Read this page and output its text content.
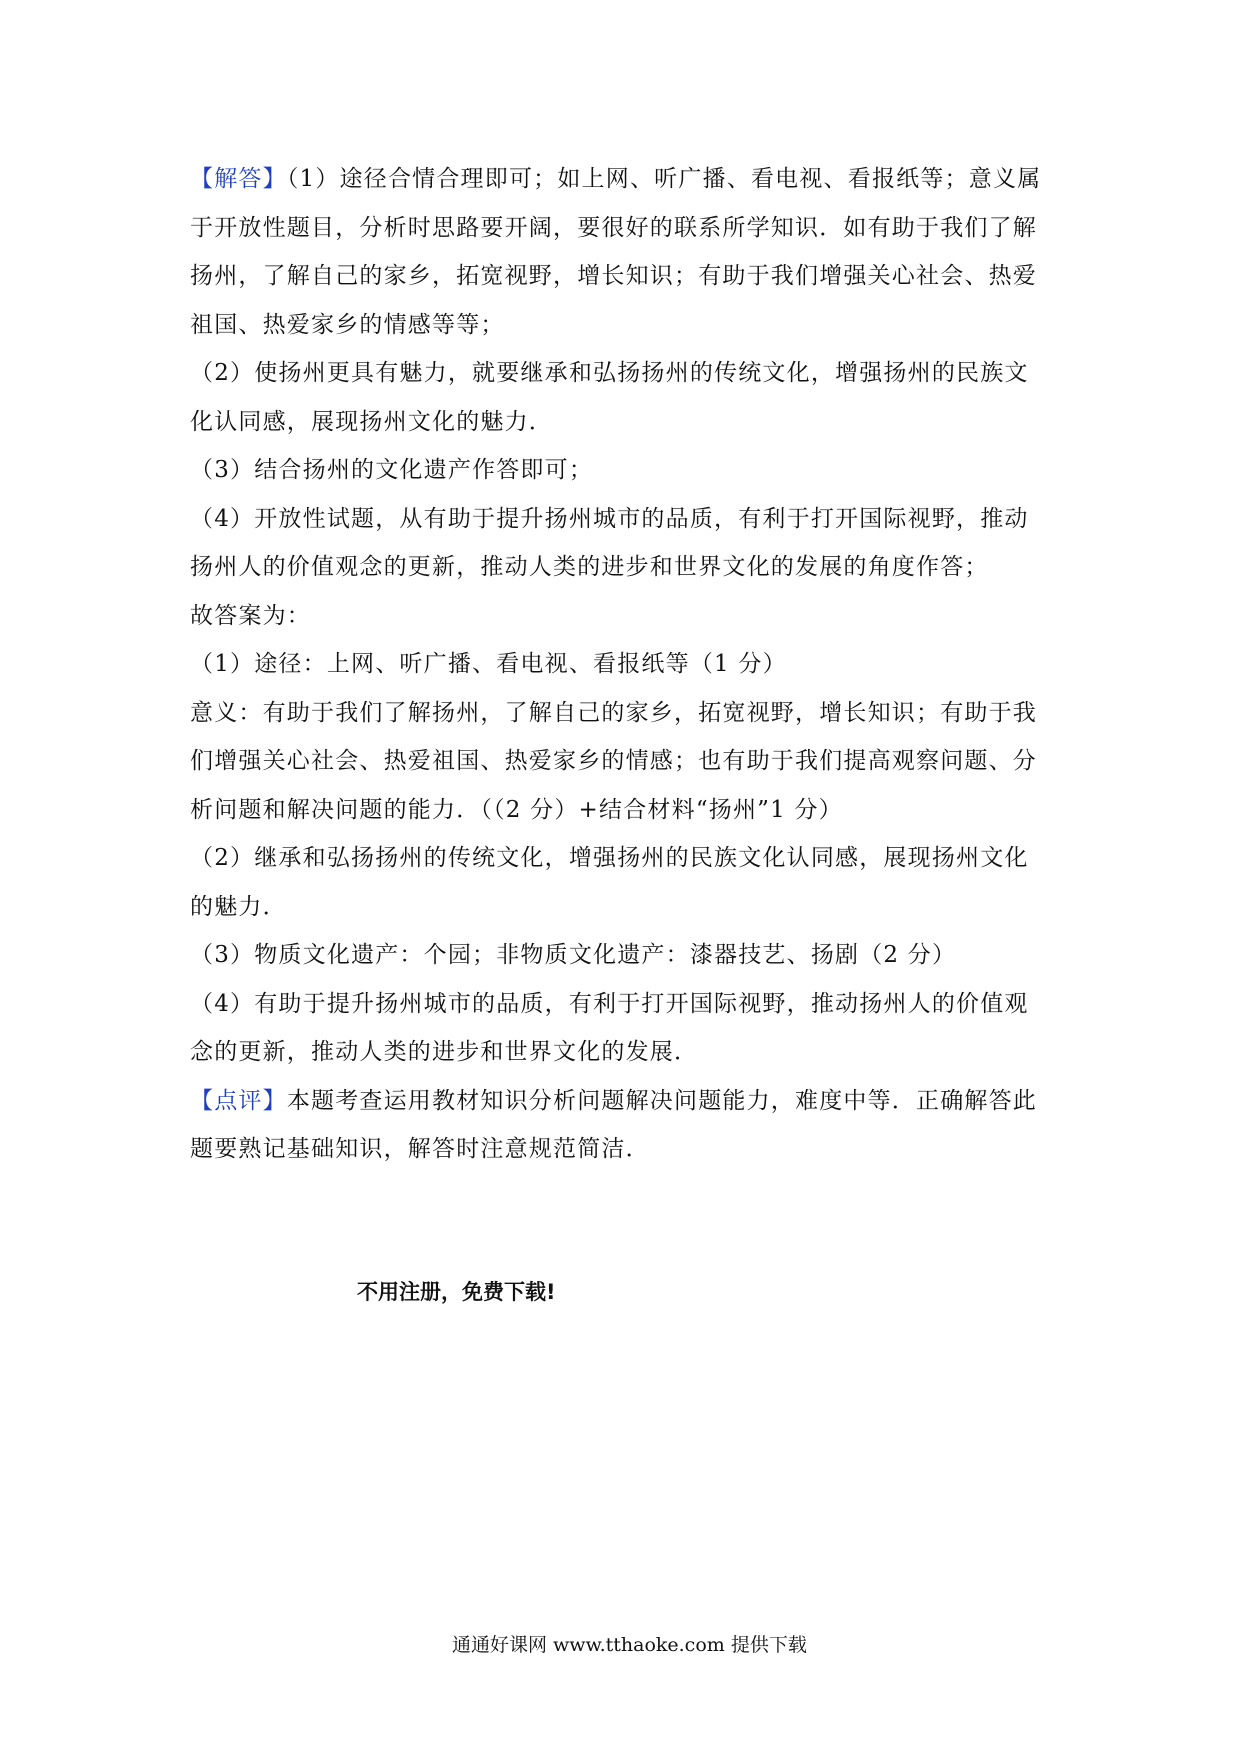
【解答】（1）途径合情合理即可；如上网、听广播、看电视、看报纸等；意义属
于开放性题目，分析时思路要开阔，要很好的联系所学知识．如有助于我们了解
扬州，了解自己的家乡，拓宽视野，增长知识；有助于我们增强关心社会、热爱
祖国、热爱家乡的情感等等；
（2）使扬州更具有魅力，就要继承和弘扬扬州的传统文化，增强扬州的民族文
化认同感，展现扬州文化的魅力．
（3）结合扬州的文化遗产作答即可；
（4）开放性试题，从有助于提升扬州城市的品质，有利于打开国际视野，推动
扬州人的价值观念的更新，推动人类的进步和世界文化的发展的角度作答；
故答案为：
（1）途径：上网、听广播、看电视、看报纸等（1 分）
意义：有助于我们了解扬州，了解自己的家乡，拓宽视野，增长知识；有助于我
们增强关心社会、热爱祖国、热爱家乡的情感；也有助于我们提高观察问题、分
析问题和解决问题的能力．（（2 分）+结合材料“扬州”1 分）
（2）继承和弘扬扬州的传统文化，增强扬州的民族文化认同感，展现扬州文化
的魅力．
（3）物质文化遗产：个园；非物质文化遗产：漆器技艺、扬剧（2 分）
（4）有助于提升扬州城市的品质，有利于打开国际视野，推动扬州人的价值观
念的更新，推动人类的进步和世界文化的发展．
【点评】本题考查运用教材知识分析问题解决问题能力，难度中等．正确解答此
题要熟记基础知识，解答时注意规范简洁．
不用注册，免费下载!
通通好课网 www.tthaoke.com 提供下载
